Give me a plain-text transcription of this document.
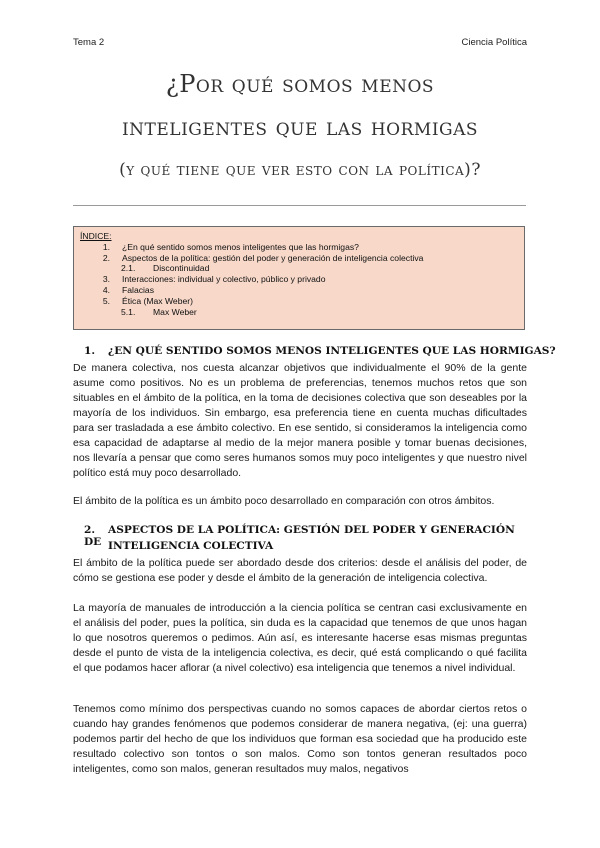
Tema 2	Ciencia Política
¿Por qué somos menos
inteligentes que las hormigas
(y qué tiene que ver esto con la política)?
ÍNDICE:
1. ¿En qué sentido somos menos inteligentes que las hormigas?
2. Aspectos de la política: gestión del poder y generación de inteligencia colectiva
2.1. Discontinuidad
3. Interacciones: individual y colectivo, público y privado
4. Falacias
5. Ética (Max Weber)
5.1. Max Weber
1. ¿EN QUÉ SENTIDO SOMOS MENOS INTELIGENTES QUE LAS HORMIGAS?

De manera colectiva, nos cuesta alcanzar objetivos que individualmente el 90% de la gente asume como positivos. No es un problema de preferencias, tenemos muchos retos que son situables en el ámbito de la política, en la toma de decisiones colectiva que son deseables por la mayoría de los individuos. Sin embargo, esa preferencia tiene en cuenta muchas dificultades para ser trasladada a ese ámbito colectivo. En ese sentido, si consideramos la inteligencia como esa capacidad de adaptarse al medio de la mejor manera posible y tomar buenas decisiones, nos llevaría a pensar que como seres humanos somos muy poco inteligentes y que nuestro nivel político está muy poco desarrollado.

El ámbito de la política es un ámbito poco desarrollado en comparación con otros ámbitos.

2. ASPECTOS DE LA POLÍTICA: GESTIÓN DEL PODER Y GENERACIÓN DE INTELIGENCIA COLECTIVA

El ámbito de la política puede ser abordado desde dos criterios: desde el análisis del poder, de cómo se gestiona ese poder y desde el ámbito de la generación de inteligencia colectiva.

La mayoría de manuales de introducción a la ciencia política se centran casi exclusivamente en el análisis del poder, pues la política, sin duda es la capacidad que tenemos de que unos hagan lo que nosotros queremos o pedimos. Aún así, es interesante hacerse esas mismas preguntas desde el punto de vista de la inteligencia colectiva, es decir, qué está complicando o qué facilita el que podamos hacer aflorar (a nivel colectivo) esa inteligencia que tenemos a nivel individual.

Tenemos como mínimo dos perspectivas cuando no somos capaces de abordar ciertos retos o cuando hay grandes fenómenos que podemos considerar de manera negativa, (ej: una guerra) podemos partir del hecho de que los individuos que forman esa sociedad que ha producido este resultado colectivo son tontos o son malos. Como son tontos generan resultados poco inteligentes, como son malos, generan resultados muy malos, negativos
